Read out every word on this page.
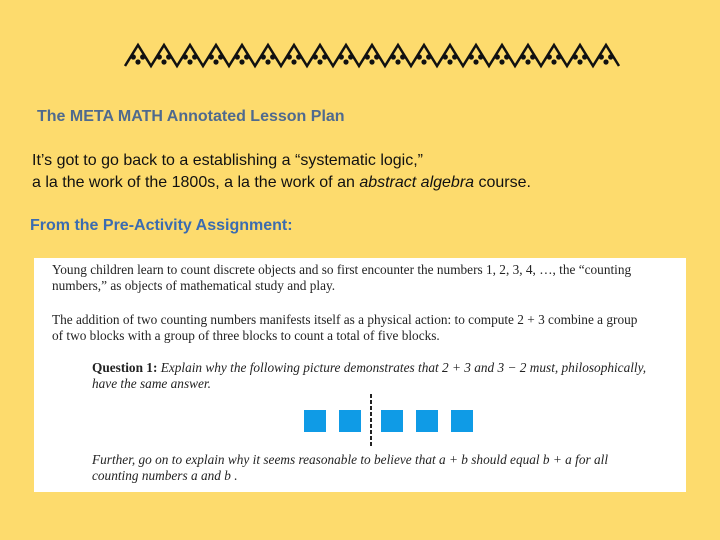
The META MATH Annotated Lesson Plan
It’s got to go back to a establishing a “systematic logic,”
a la the work of the 1800s, a la the work of an abstract algebra course.
From the Pre-Activity Assignment:

Young children learn to count discrete objects and so first encounter the numbers 1, 2, 3, 4, …, the “counting

numbers,” as objects of mathematical study and play.

The addition of two counting numbers manifests itself as a physical action: to compute 2 + 3 combine a group

of two blocks with a group of three blocks to count a total of five blocks.

Question 1: Explain why the following picture demonstrates that 2 + 3 and 3 − 2 must, philosophically,

have the same answer.

Further, go on to explain why it seems reasonable to believe that a + b should equal b + a for all

counting numbers a and b .
